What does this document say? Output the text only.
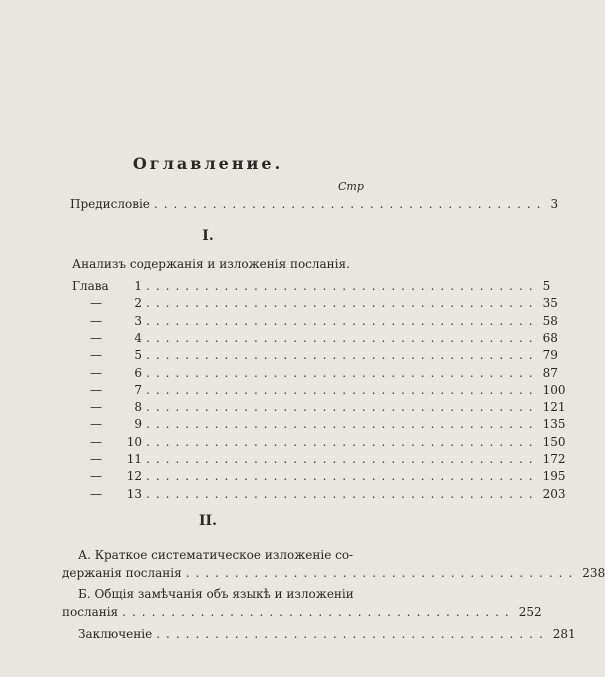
Оглавление.
Стр
Предисловіе ........................................ 3
I.
Анализъ содержанія и изложенія посланія.
Глава	1 ........................................ 5
—	2 ........................................ 35
—	3 ........................................ 58
—	4 ........................................ 68
—	5 ........................................ 79
—	6 ........................................ 87
—	7 ........................................ 100
—	8 ........................................ 121
—	9 ........................................ 135
—	10 ........................................ 150
—	11 ........................................ 172
—	12 ........................................ 195
—	13 ........................................ 203
II.
А. Краткое систематическое изложеніе со-
держанія посланія ........................................ 238
Б. Общія замѣчанія объ языкѣ и изложеніи
посланія ........................................ 252
Заключеніе ........................................ 281
